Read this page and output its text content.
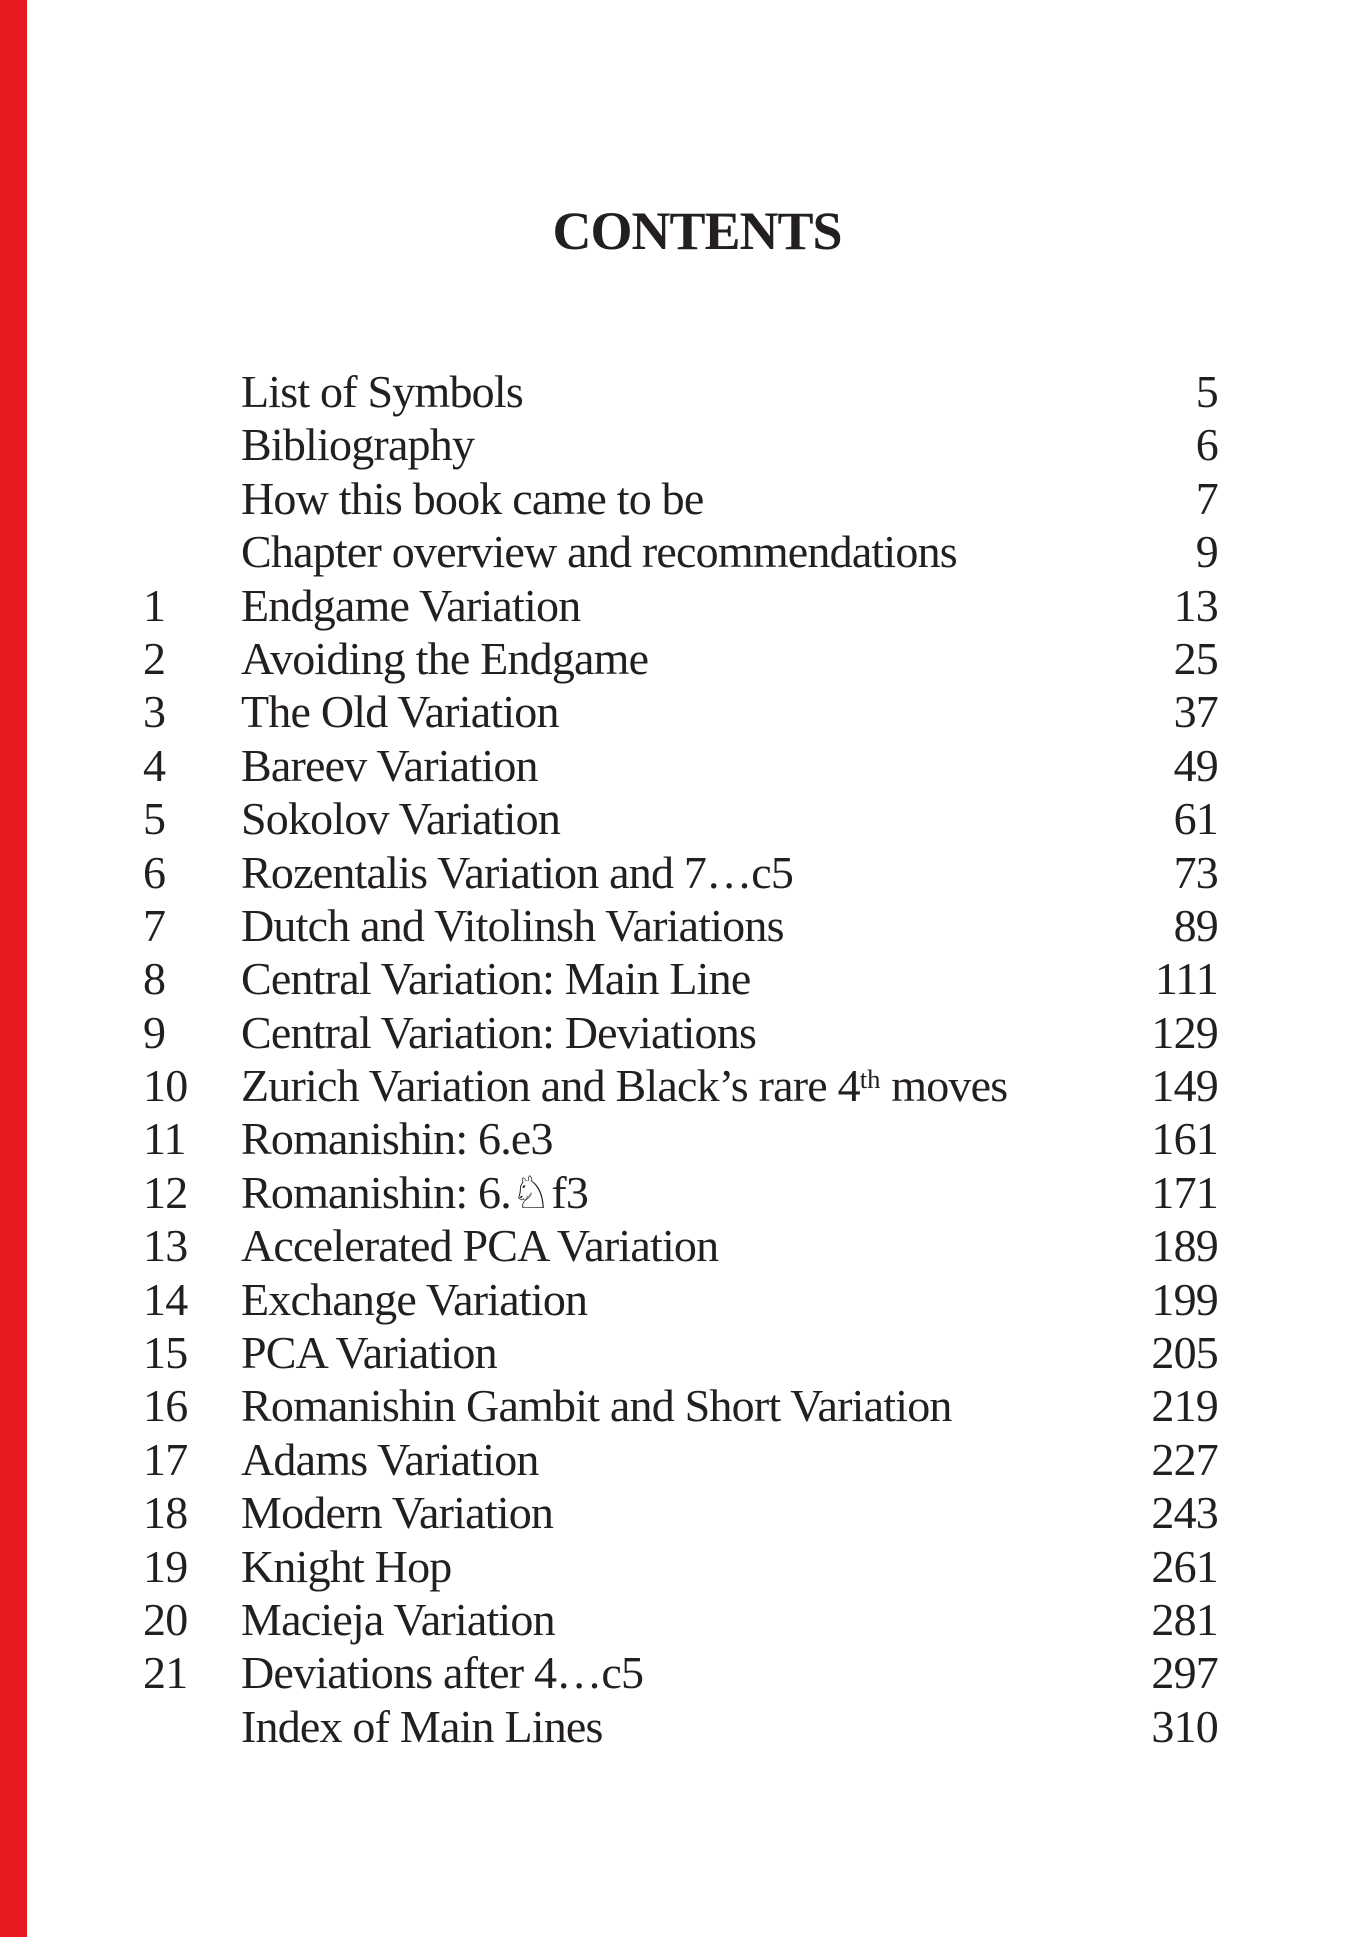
CONTENTS
List of Symbols	5
Bibliography	6
How this book came to be	7
Chapter overview and recommendations	9
1	Endgame Variation	13
2	Avoiding the Endgame	25
3	The Old Variation	37
4	Bareev Variation	49
5	Sokolov Variation	61
6	Rozentalis Variation and 7…c5	73
7	Dutch and Vitolinsh Variations	89
8	Central Variation: Main Line	111
9	Central Variation: Deviations	129
10	Zurich Variation and Black’s rare 4th moves	149
11	Romanishin: 6.e3	161
12	Romanishin: 6.♘f3	171
13	Accelerated PCA Variation	189
14	Exchange Variation	199
15	PCA Variation	205
16	Romanishin Gambit and Short Variation	219
17	Adams Variation	227
18	Modern Variation	243
19	Knight Hop	261
20	Macieja Variation	281
21	Deviations after 4…c5	297
Index of Main Lines	310
